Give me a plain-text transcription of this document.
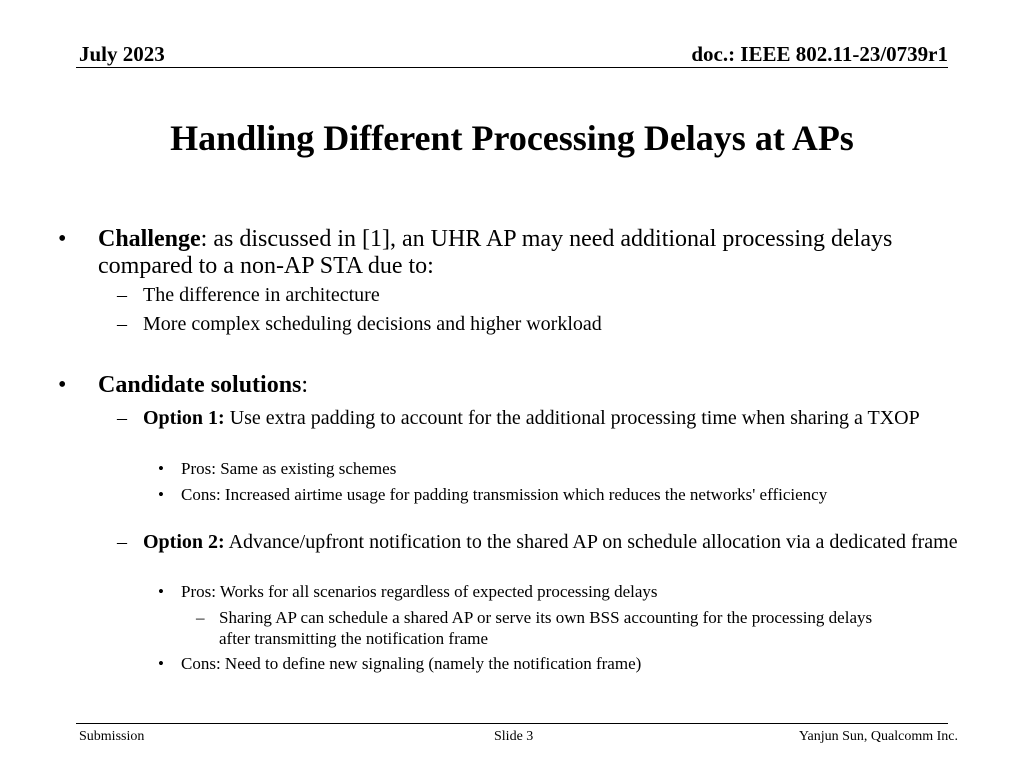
July 2023	doc.: IEEE 802.11-23/0739r1
Handling Different Processing Delays at APs
• Challenge: as discussed in [1], an UHR AP may need additional processing delays compared to a non-AP STA due to:
– The difference in architecture
– More complex scheduling decisions and higher workload
• Candidate solutions:
– Option 1: Use extra padding to account for the additional processing time when sharing a TXOP
• Pros: Same as existing schemes
• Cons: Increased airtime usage for padding transmission which reduces the networks' efficiency
– Option 2: Advance/upfront notification to the shared AP on schedule allocation via a dedicated frame
• Pros: Works for all scenarios regardless of expected processing delays
– Sharing AP can schedule a shared AP or serve its own BSS accounting for the processing delays after transmitting the notification frame
• Cons: Need to define new signaling (namely the notification frame)
Submission	Slide 3	Yanjun Sun, Qualcomm Inc.
